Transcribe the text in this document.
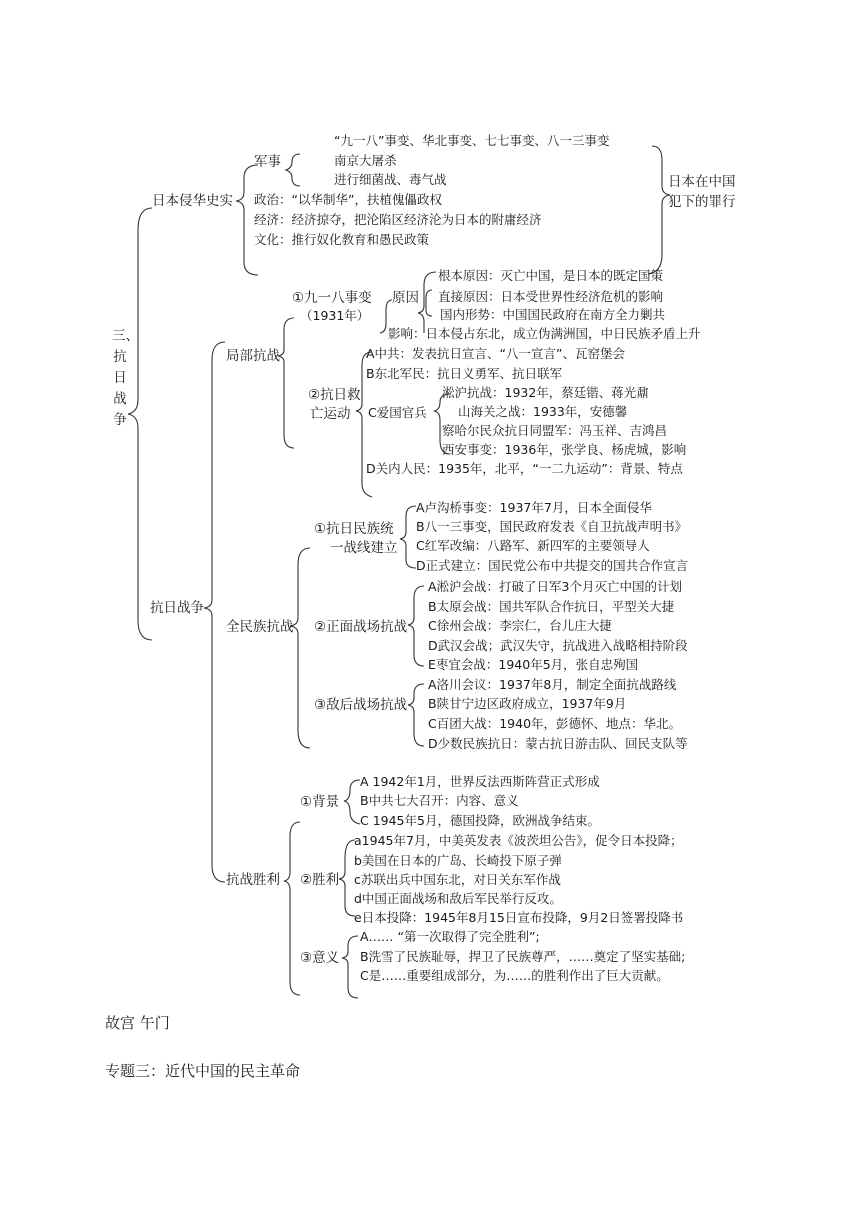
三、抗日战争
日本在中国犯下的罪行
日本侵华史实
军事
“九一八”事变、华北事变、七七事变、八一三事变
南京大屠杀
进行细菌战、毒气战
政治：“以华制华”，扶植傀儡政权
经济：经济掠夺，把沦陷区经济沦为日本的附庸经济
文化：推行奴化教育和愚民政策
抗日战争
局部抗战
①九一八事变
（1931年）
原因
根本原因：灭亡中国，是日本的既定国策
直接原因：日本受世界性经济危机的影响
国内形势：中国国民政府在南方全力剿共
影响：日本侵占东北，成立伪满洲国，中日民族矛盾上升
②抗日救
亡运动
A中共：发表抗日宣言、“八一宣言”、瓦窑堡会
B东北军民：抗日义勇军、抗日联军
C爱国官兵
淞沪抗战：1932年，蔡廷锴、蒋光鼐
山海关之战：1933年，安德馨
察哈尔民众抗日同盟军：冯玉祥、吉鸿昌
西安事变：1936年，张学良、杨虎城，影响
D关内人民：1935年，北平，“一二九运动”：背景、特点
全民族抗战
①抗日民族统
一战线建立
A卢沟桥事变：1937年7月，日本全面侵华
B八一三事变，国民政府发表《自卫抗战声明书》
C红军改编：八路军、新四军的主要领导人
D正式建立：国民党公布中共提交的国共合作宣言
②正面战场抗战
A淞沪会战：打破了日军3个月灭亡中国的计划
B太原会战：国共军队合作抗日，平型关大捷
C徐州会战：李宗仁，台儿庄大捷
D武汉会战；武汉失守，抗战进入战略相持阶段
E枣宜会战：1940年5月，张自忠殉国
③敌后战场抗战
A洛川会议：1937年8月，制定全面抗战路线
B陕甘宁边区政府成立，1937年9月
C百团大战：1940年，彭德怀、地点：华北。
D少数民族抗日：蒙古抗日游击队、回民支队等
抗战胜利
①背景
A 1942年1月，世界反法西斯阵营正式形成
B中共七大召开：内容、意义
C 1945年5月，德国投降，欧洲战争结束。
②胜利
a1945年7月，中美英发表《波茨坦公告》，促令日本投降；
b美国在日本的广岛、长崎投下原子弹
c苏联出兵中国东北，对日关东军作战
d中国正面战场和敌后军民举行反攻。
e日本投降：1945年8月15日宣布投降，9月2日签署投降书
③意义
A…… “第一次取得了完全胜利”;
B洗雪了民族耻辱，捍卫了民族尊严，……奠定了坚实基础;
C是……重要组成部分，为……的胜利作出了巨大贡献。
故宫 午门
专题三：近代中国的民主革命
